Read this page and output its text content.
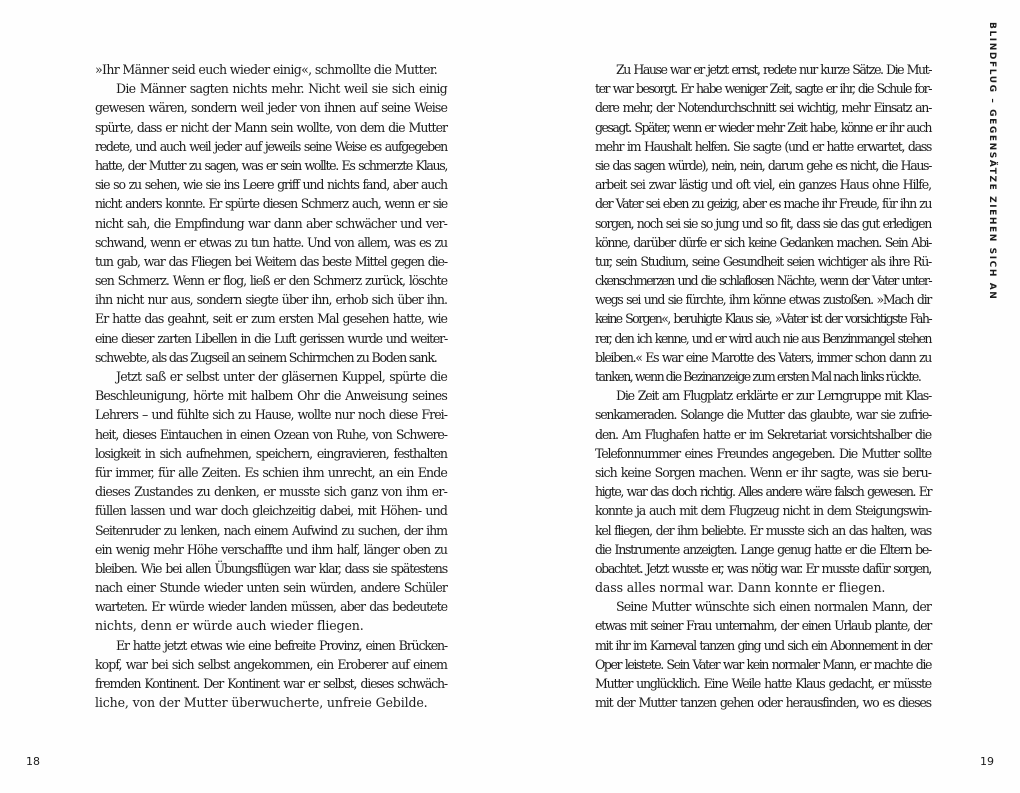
»Ihr Männer seid euch wieder einig«, schmollte die Mutter.
Die Männer sagten nichts mehr. Nicht weil sie sich einig
gewesen wären, sondern weil jeder von ihnen auf seine Weise
spürte, dass er nicht der Mann sein wollte, von dem die Mutter
redete, und auch weil jeder auf jeweils seine Weise es aufgegeben
hatte, der Mutter zu sagen, was er sein wollte. Es schmerzte Klaus,
sie so zu sehen, wie sie ins Leere griff und nichts fand, aber auch
nicht anders konnte. Er spürte diesen Schmerz auch, wenn er sie
nicht sah, die Empfindung war dann aber schwächer und ver-
schwand, wenn er etwas zu tun hatte. Und von allem, was es zu
tun gab, war das Fliegen bei Weitem das beste Mittel gegen die-
sen Schmerz. Wenn er flog, ließ er den Schmerz zurück, löschte
ihn nicht nur aus, sondern siegte über ihn, erhob sich über ihn.
Er hatte das geahnt, seit er zum ersten Mal gesehen hatte, wie
eine dieser zarten Libellen in die Luft gerissen wurde und weiter-
schwebte, als das Zugseil an seinem Schirmchen zu Boden sank.
Jetzt saß er selbst unter der gläsernen Kuppel, spürte die
Beschleunigung, hörte mit halbem Ohr die Anweisung seines
Lehrers – und fühlte sich zu Hause, wollte nur noch diese Frei-
heit, dieses Eintauchen in einen Ozean von Ruhe, von Schwere-
losigkeit in sich aufnehmen, speichern, eingravieren, festhalten
für immer, für alle Zeiten. Es schien ihm unrecht, an ein Ende
dieses Zustandes zu denken, er musste sich ganz von ihm er-
füllen lassen und war doch gleichzeitig dabei, mit Höhen- und
Seitenruder zu lenken, nach einem Aufwind zu suchen, der ihm
ein wenig mehr Höhe verschaffte und ihm half, länger oben zu
bleiben. Wie bei allen Übungsflügen war klar, dass sie spätestens
nach einer Stunde wieder unten sein würden, andere Schüler
warteten. Er würde wieder landen müssen, aber das bedeutete
nichts, denn er würde auch wieder fliegen.
Er hatte jetzt etwas wie eine befreite Provinz, einen Brücken-
kopf, war bei sich selbst angekommen, ein Eroberer auf einem
fremden Kontinent. Der Kontinent war er selbst, dieses schwäch-
liche, von der Mutter überwucherte, unfreie Gebilde.
18
Zu Hause war er jetzt ernst, redete nur kurze Sätze. Die Mut-
ter war besorgt. Er habe weniger Zeit, sagte er ihr, die Schule for-
dere mehr, der Notendurchschnitt sei wichtig, mehr Einsatz an-
gesagt. Später, wenn er wieder mehr Zeit habe, könne er ihr auch
mehr im Haushalt helfen. Sie sagte (und er hatte erwartet, dass
sie das sagen würde), nein, nein, darum gehe es nicht, die Haus-
arbeit sei zwar lästig und oft viel, ein ganzes Haus ohne Hilfe,
der Vater sei eben zu geizig, aber es mache ihr Freude, für ihn zu
sorgen, noch sei sie so jung und so fit, dass sie das gut erledigen
könne, darüber dürfe er sich keine Gedanken machen. Sein Abi-
tur, sein Studium, seine Gesundheit seien wichtiger als ihre Rü-
ckenschmerzen und die schlaflosen Nächte, wenn der Vater unter-
wegs sei und sie fürchte, ihm könne etwas zustoßen. »Mach dir
keine Sorgen«, beruhigte Klaus sie, »Vater ist der vorsichtigste Fah-
rer, den ich kenne, und er wird auch nie aus Benzinmangel stehen
bleiben.« Es war eine Marotte des Vaters, immer schon dann zu
tanken, wenn die Bezinanzeige zum ersten Mal nach links rückte.
Die Zeit am Flugplatz erklärte er zur Lerngruppe mit Klas-
senkameraden. Solange die Mutter das glaubte, war sie zufrie-
den. Am Flughafen hatte er im Sekretariat vorsichtshalber die
Telefonnummer eines Freundes angegeben. Die Mutter sollte
sich keine Sorgen machen. Wenn er ihr sagte, was sie beru-
higte, war das doch richtig. Alles andere wäre falsch gewesen. Er
konnte ja auch mit dem Flugzeug nicht in dem Steigungswin-
kel fliegen, der ihm beliebte. Er musste sich an das halten, was
die Instrumente anzeigten. Lange genug hatte er die Eltern be-
obachtet. Jetzt wusste er, was nötig war. Er musste dafür sorgen,
dass alles normal war. Dann konnte er fliegen.
Seine Mutter wünschte sich einen normalen Mann, der
etwas mit seiner Frau unternahm, der einen Urlaub plante, der
mit ihr im Karneval tanzen ging und sich ein Abonnement in der
Oper leistete. Sein Vater war kein normaler Mann, er machte die
Mutter unglücklich. Eine Weile hatte Klaus gedacht, er müsste
mit der Mutter tanzen gehen oder herausfinden, wo es dieses
19
BLINDFLUG – GEGENSÄTZE ZIEHEN SICH AN
